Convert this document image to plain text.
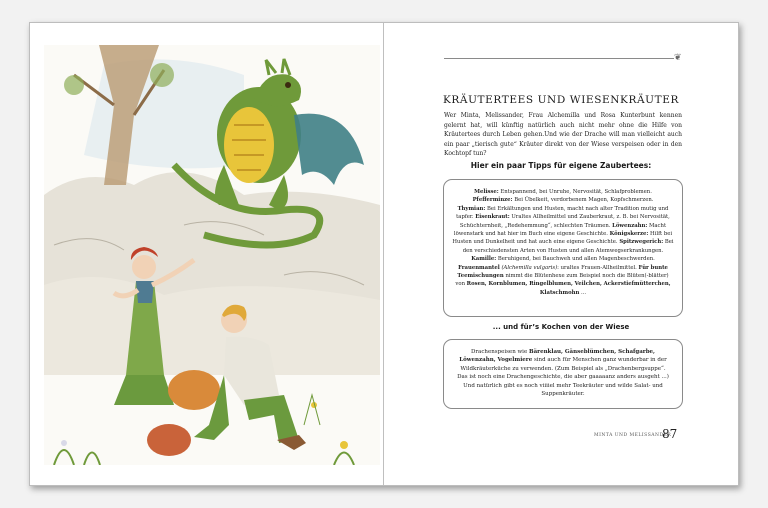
❦
KRÄUTERTEES UND WIESENKRÄUTER
Wer Minta, Melissander, Frau Alchemilla und Rosa Kunterbunt kennen gelernt hat, will künftig natürlich auch nicht mehr ohne die Hilfe von Kräutertees durch Leben gehen.Und wie der Drache will man vielleicht auch ein paar „tierisch gute“ Kräuter direkt von der Wiese verspeisen oder in den Kochtopf tun?
Hier ein paar Tipps für eigene Zaubertees:
Melisse: Entspannend, bei Unruhe, Nervosität, Schlafproblemen.
Pfefferminze: Bei Übelkeit, verdorbenem Magen, Kopfschmerzen.
Thymian: Bei Erkältungen und Husten, macht nach alter Tradition mutig und tapfer. Eisenkraut: Uraltes Allheilmittel und Zauberkraut, z. B. bei Nervosität, Schüchternheit, „Redehemmung“, schlechten Träumen. Löwenzahn: Macht löwenstark und hat hier im Buch eine eigene Geschichte. Königskerze: Hilft bei Husten und Dunkelheit und hat auch eine eigene Geschichte. Spitzwegerich: Bei den verschiedensten Arten von Husten und allen Atemwegserkrankungen. Kamille: Beruhigend, bei Bauchweh und allen Magenbeschwerden. Frauenmantel (Alchemilla vulgaris): uraltes Frauen-Allheilmittel. Für bunte Teemischungen nimmt die Blütenhexe zum Beispiel noch die Blüten(-blätter) von Rosen, Kornblumen, Ringelblumen, Veilchen, Ackerstiefmütterchen, Klatschmohn ...
... und für’s Kochen von der Wiese
Drachenspeisen wie Bärenklau, Gänseblümchen, Schafgarbe, Löwenzahn, Vogelmiere sind auch für Menschen ganz wunderbar in der Wildkräuterküche zu verwenden. (Zum Beispiel als „Drachenbergsuppe“.
Das ist noch eine Drachengeschichte, die aber gaaaaanz anders ausgeht ...)
Und natürlich gibt es noch viiiiel mehr Teekräuter und wilde Salat- und Suppenkräuter.
MINTA UND MELISSANDER
87
